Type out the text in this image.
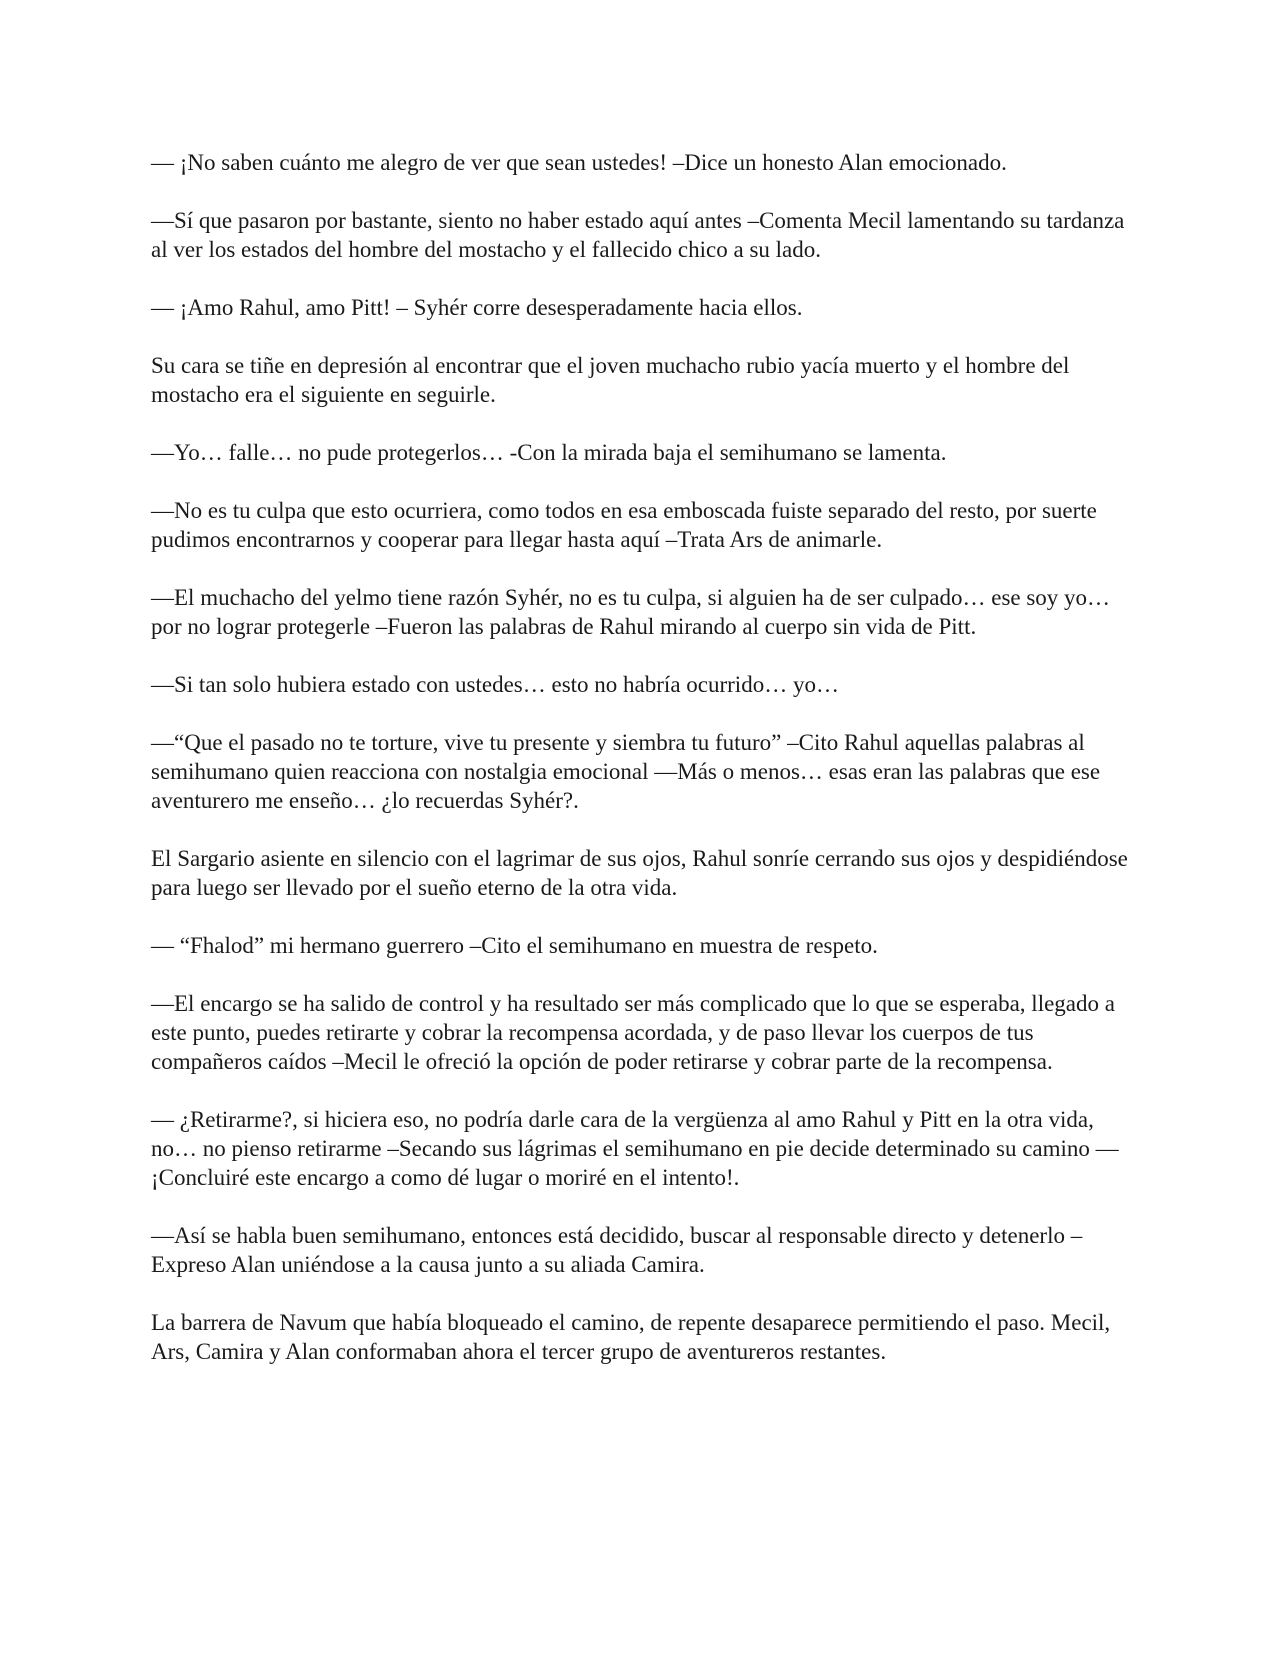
— ¡No saben cuánto me alegro de ver que sean ustedes! –Dice un honesto Alan emocionado.

—Sí que pasaron por bastante, siento no haber estado aquí antes –Comenta Mecil lamentando su tardanza al ver los estados del hombre del mostacho y el fallecido chico a su lado.

— ¡Amo Rahul, amo Pitt! – Syhér corre desesperadamente hacia ellos.

Su cara se tiñe en depresión al encontrar que el joven muchacho rubio yacía muerto y el hombre del mostacho era el siguiente en seguirle.

—Yo… falle… no pude protegerlos… -Con la mirada baja el semihumano se lamenta.

—No es tu culpa que esto ocurriera, como todos en esa emboscada fuiste separado del resto, por suerte pudimos encontrarnos y cooperar para llegar hasta aquí –Trata Ars de animarle.

—El muchacho del yelmo tiene razón Syhér, no es tu culpa, si alguien ha de ser culpado… ese soy yo… por no lograr protegerle –Fueron las palabras de Rahul mirando al cuerpo sin vida de Pitt.

—Si tan solo hubiera estado con ustedes… esto no habría ocurrido… yo…

—“Que el pasado no te torture, vive tu presente y siembra tu futuro” –Cito Rahul aquellas palabras al semihumano quien reacciona con nostalgia emocional —Más o menos… esas eran las palabras que ese aventurero me enseño… ¿lo recuerdas Syhér?.

El Sargario asiente en silencio con el lagrimar de sus ojos, Rahul sonríe cerrando sus ojos y despidiéndose para luego ser llevado por el sueño eterno de la otra vida.

— “Fhalod” mi hermano guerrero –Cito el semihumano en muestra de respeto.

—El encargo se ha salido de control y ha resultado ser más complicado que lo que se esperaba, llegado a este punto, puedes retirarte y cobrar la recompensa acordada, y de paso llevar los cuerpos de tus compañeros caídos –Mecil le ofreció la opción de poder retirarse y cobrar parte de la recompensa.

— ¿Retirarme?, si hiciera eso, no podría darle cara de la vergüenza al amo Rahul y Pitt en la otra vida, no… no pienso retirarme –Secando sus lágrimas el semihumano en pie decide determinado su camino — ¡Concluiré este encargo a como dé lugar o moriré en el intento!.

—Así se habla buen semihumano, entonces está decidido, buscar al responsable directo y detenerlo –Expreso Alan uniéndose a la causa junto a su aliada Camira.

La barrera de Navum que había bloqueado el camino, de repente desaparece permitiendo el paso. Mecil, Ars, Camira y Alan conformaban ahora el tercer grupo de aventureros restantes.
